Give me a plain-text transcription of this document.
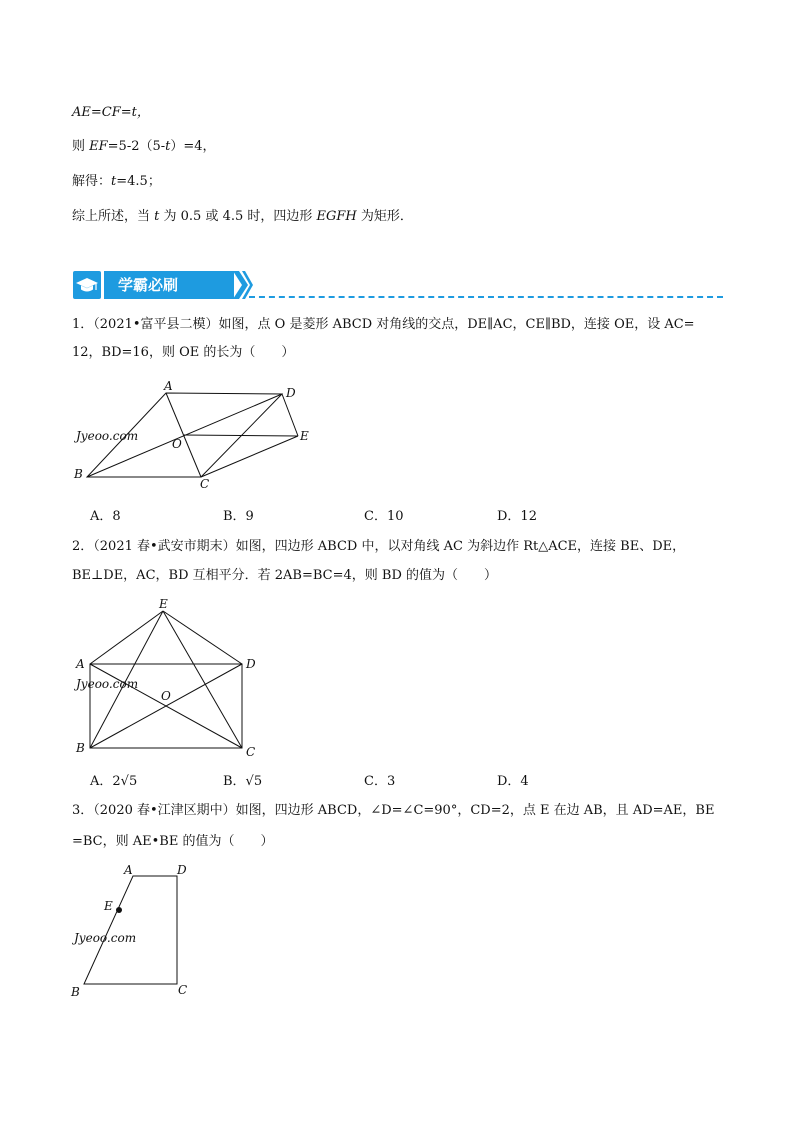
AE=CF=t，
则 EF=5-2（5-t）=4，
解得：t=4.5；
综上所述，当 t 为 0.5 或 4.5 时，四边形 EGFH 为矩形．
学霸必刷
1．（2021•富平县二模）如图，点 O 是菱形 ABCD 对角线的交点，DE∥AC，CE∥BD，连接 OE，设 AC=
12，BD=16，则 OE 的长为（　　）
Jyeoo.com
A	D
E
O
B
C
A．8	B．9	C．10	D．12
2．（2021 春•武安市期末）如图，四边形 ABCD 中，以对角线 AC 为斜边作 Rt△ACE，连接 BE、DE，
BE⊥DE，AC，BD 互相平分．若 2AB=BC=4，则 BD 的值为（　　）
Jyeoo.com
E
A	D
O
B	C
A．2√5	B．√5	C．3	D．4
3．（2020 春•江津区期中）如图，四边形 ABCD，∠D=∠C=90°，CD=2，点 E 在边 AB，且 AD=AE，BE
=BC，则 AE•BE 的值为（　　）
Jyeoo.com
A	D
E
B	C
